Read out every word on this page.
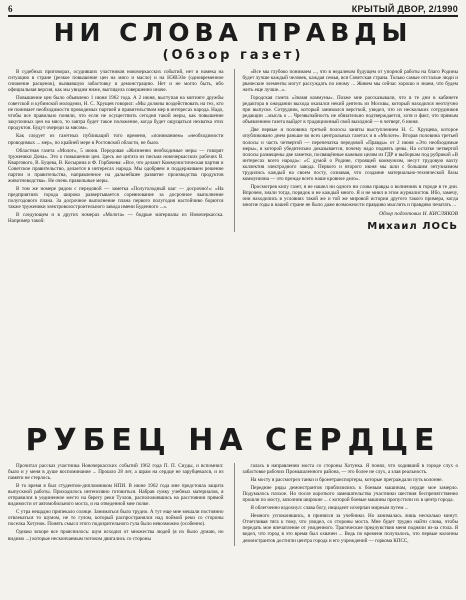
6	КРЫТЫЙ ДВОР, 2/1990
НИ СЛОВА ПРАВДЫ
(Обзор газет)

В судебных приговорах, осудивших участников новочеркасских событий, нет и намека на ситуацию в стране (резкое повышение цен на мясо и масло) и на НЭВЭЗе (одновременное снижение расценок), вызвавшую забастовку и демонстрацию. Нет и не могло быть, ибо официальная версия, как мы увидим ниже, выглядела совершенно иначе.

Повышение цен было объявлено 1 июня 1962 года. А 2 июня, выступая на митинге дружбы советской и кубинской молодежи, Н. С. Хрущев говорил: «Мы должны воздействовать на тех, кто не понимает необходимости проводимых партией и правительством мер в интересах народа. Надо, чтобы все правильно поняли, что если не осуществить сегодня такой меры, как повышение закупочных цен на мясо, то завтра будет такое положение, когда будет ощущаться нехватка этих продуктов. Будут очереди за мясом».

Как следует из газетных публикаций того времени, «пониманием» «необходимости проводимых ... мер», по крайней мере в Ростовской области, не было.

Областная газета «Молот», 5 июня. Передовая «Жизненно необходимые меры — говорят труженики Дона». Это о повышении цен. Здесь же цитата из письма новочеркасских рабочих В. Кваргового, В. Буцева, В. Косырина и Ф. Горбачева: «Все, что делают Коммунистическая партия и Советское правительство, делается в интересах народа. Мы одобряем и поддерживаем решение партии и правительства, направленное на дальнейшее развитие производства продуктов животноводства». Не очень правильные меры.

В том же номере рядом с передовой — заметка «Полуголодный шаг — досрочно!»: «На предприятиях города широко развертывается соревнование за досрочное выполнение полугодового плана. За досрочное выполнение плана первого полугодия настойчиво борются также труженики электровозостроительного завода имени Буденного ...».

В следующем и в других номерах «Молота» — бодрые материалы из Новочеркасска. Например такой:

«Все мы глубоко понимаем ..., что в недалеком будущем от упорной работы на благо Родины будет лучше каждый человек, каждая семья, вся Советская страна. Только самые отсталые люди и рваческие элементы могут рассуждать по иному ... Живем мы сейчас хорошо и знаем, что будем жить еще лучше...».

Городская газета «Знамя коммуны». Позже мне рассказывали, что в те дни в кабинете редактора в ожидании выхода оказался некий деятель из Москвы, который находился неотлучно при выпуске. Сотрудник, который занимался версткой, увидел, что из нескольких сотрудников редакции ...мысль о ... Чрезвычайность не обязательно подтверждается, хотя и факт, что прямым объявлением газета выйдет в традиционный свой выходной — в четверг, 6 июня.

Две первые и половина третьей полосы заняты выступлением Н. С. Хрущева, которое опубликовано днем раньше во всех центральных газетах и в «Молоте». Вторая половина третьей полосы и часть четвертой — перепечатка передовой «Правды» от 2 июня «Это необходимые меры», в которой убедительно доказывается, почему надо поднять цены. На остатке четвертой полосы размещены две заметки, посвящённые важным целям из ГДР и выборкам под рубрикой «В интересах всего народа»: «С думой о Родине, строящей коммунизм, несут трудовую вахту коллектив электродного завода. Первого и второго июня мы шли с большим энтузиазмом трудились каждый на своем посту, сознавая, что создание материально-технической базы коммунизма — это прежде всего наше кровное дело».

Просмотрев кипу газет, я не нашел ни одного ни слова правды о волнениях в городе в те дни. Впрочем, знали тогда, порядок и не каждый много. Я и не мнил в этом журналистов. Ибо, замечу, они находились в условиях такой же и той же мировой истории другого такого примера, когда многие годы в нашей стране не было даже возможности правдиво мыслить и правдиво печатать ...

Обзор подготовил Н. КИСЛЯКОВ
Михаил ЛОСЬ
РУБЕЦ НА СЕРДЦЕ

Прочитал рассказ участника Новочеркасских событий 1962 года П. П. Сиуды, и вспомнил: было и у меня в душе воспоминание ... Прошло 28 лет, а шрам на сердце не зарубцевался, и из памяти не стерлось.

В то время я был студентом-дипломником НПИ. В июне 1962 года мне предстояла защита выпускной работы. Приходилось интенсивно готовиться. Набрав сумку учебных материалов, я отправился в уединенное место на берегу реки Тузлов, расположившись на расстоянии прямой видимости от автомобильного моста, и на отведенной мне полке.

С утра нещадно припекало солнце. Заниматься было трудно. А тут еще мне мешали постоянно отвлекаться то шумом, не то гулом, который распространялся над поймой реки со стороны поселка Хотунок. Понять смысл этого подозрительного гула было невозможно (особенно).

Однако вскоре все прояснилось: шум исходил от множества людей (я их было думаю, но видимо ...) которые нескончаемым потоком двигались со стороны

галась в направлении моста со стороны Хотунка. Я понял, что ходивший в городе слух о забастовке рабочих Промышленного района, — это более не слух, а злая реальность.

На мосту я рассмотрел танки и бронетранспортеры, которые преграждали путь колонне.

Передние ряды демонстрантов приблизились к боевым машинам, сердце мое замерло. Подумалось плохое. Но после короткого замешательства участники шествия беспрепятственно прошли по мосту, заполнив широкие ... с которой боевые машины пропустили их в центр города.

Я облегченно вздохнул: слава богу, инцидент исчерпан мирным путем ...

Немного успокоившись, я принялся за учебники. Но занималась лишь несколько минут. Отчетливая тяга к тому, что увидел, со стороны моста. Мне будет трудно найти слова, чтобы передать мое впечатление от увиденного. Трагические предчувствия меня подняли из-за стола. Я видел, что город в это время был охвачен ... Ведь по времени получалось, что первые колонны демонстрантов достигли центра города и его учреждений — горкома КПСС,
